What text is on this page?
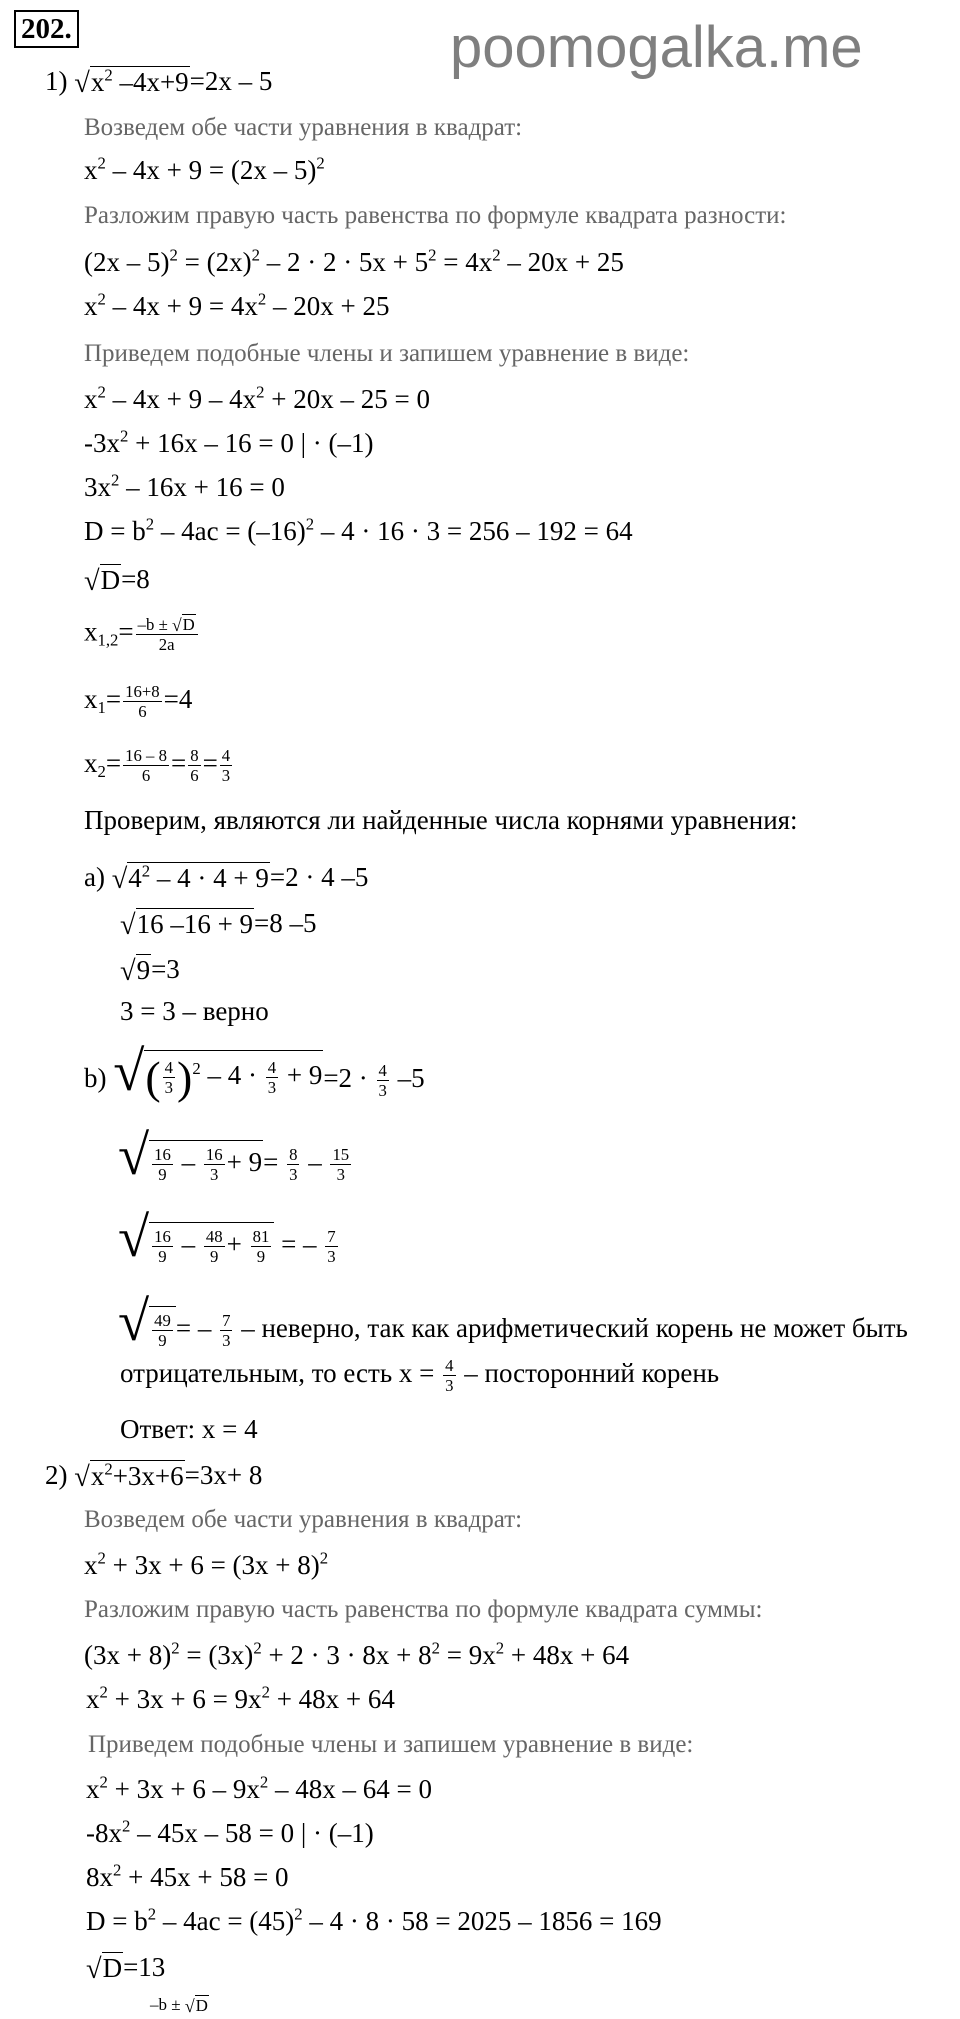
202.	poomogalka.me
1) √ $x^2$ –4x+9 =2x – 5
Возведем обе части уравнения в квадрат:
$x^2 - 4x + 9 = (2x - 5)^2$
Разложим правую часть равенства по формуле квадрата разности:
$(2x - 5)^2 = (2x)^2 - 2 \cdot 2 \cdot 5x + 5^2 = 4x^2 - 20x + 25$
$x^2 - 4x + 9 = 4x^2 - 20x + 25$
Приведем подобные члены и запишем уравнение в виде:
$x^2 - 4x + 9 - 4x^2 + 20x - 25 = 0$
$-3x^2 + 16x - 16 = 0$ | · (–1)
$3x^2 - 16x + 16 = 0$
$D = b^2 - 4ac = (-16)^2 - 4 \cdot 16 \cdot 3 = 256 - 192 = 64$
√ D =8
$x_{1,2}= \frac{-b \pm √ D}{2a}$
$x_1= \frac{16+8}{6} =4$
$x_2= \frac{16 - 8}{6} = \frac{8}{6} = \frac{4}{3}$
Проверим, являются ли найденные числа корнями уравнения:
a) √ $4^2 - 4 \cdot 4 + 9 =2 \cdot 4$ –5
√ 16 –16 + 9 =8 –5
√ 9 =3
3 = 3 – верно
b) √ ( $\frac{4}{3} )^2 - 4 \cdot \frac{4}{3} + 9 =2 \cdot \frac{4}{3} -5$
√ $\frac{16}{9} - \frac{16}{3} + 9 = \frac{8}{3} - \frac{15}{3}$
√ $\frac{16}{9} - \frac{48}{9} + \frac{81}{9}$ = – $\frac{7}{3}$
√ $\frac{49}{9}$ = – $\frac{7}{3}$ – неверно, так как арифметический корень не может быть
отрицательным, то есть $x = \frac{4}{3}$ – посторонний корень
Ответ: x = 4
2) √ $x^2+3x+6 =3x+ 8$
Возведем обе части уравнения в квадрат:
$x^2 + 3x + 6 = (3x + 8)^2$
Разложим правую часть равенства по формуле квадрата суммы:
$(3x + 8)^2 = (3x)^2 + 2 \cdot 3 \cdot 8x + 8^2 = 9x^2 + 48x + 64$
$x^2 + 3x + 6 = 9x^2 + 48x + 64$
Приведем подобные члены и запишем уравнение в виде:
$x^2 + 3x + 6 - 9x^2 - 48x - 64 = 0$
$-8x^2 - 45x - 58 = 0$ | · (–1)
$8x^2 + 45x + 58 = 0$
$D = b^2 - 4ac = (45)^2 - 4 \cdot 8 \cdot 58 = 2025 - 1856 = 169$
√ D =13
–b ± √ D
